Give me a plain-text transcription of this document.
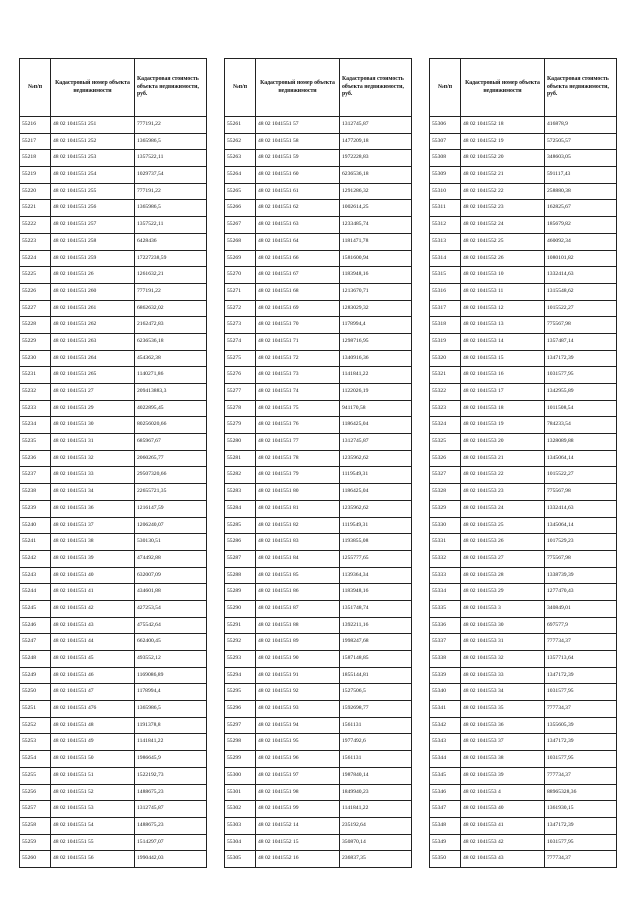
№п/п	Кадастровый номер объекта недвижимости	Кадастровая стоимость объекта недвижимости, руб.
55216	48 02 1041551 251	777191,22
55217	48 02 1041551 252	1365986,5
55218	48 02 1041551 253	1357522,11
55219	48 02 1041551 254	1029737,54
55220	48 02 1041551 255	777191,22
55221	48 02 1041551 256	1365986,5
55222	48 02 1041551 257	1357522,11
55223	48 02 1041551 258	6428436
55224	48 02 1041551 259	17227238,59
55225	48 02 1041551 26	1261632,21
55226	48 02 1041551 260	777191,22
55227	48 02 1041551 261	6862632,02
55228	48 02 1041551 262	2162472,83
55229	48 02 1041551 263	6236536,18
55230	48 02 1041551 264	454362,38
55231	48 02 1041551 265	1140271,86
55232	48 02 1041551 27	209413883,3
55233	48 02 1041551 29	4022895,45
55234	48 02 1041551 30	80256020,66
55235	48 02 1041551 31	685967,67
55236	48 02 1041551 32	2060265,77
55237	48 02 1041551 33	29507320,66
55238	48 02 1041551 34	22655721,35
55239	48 02 1041551 36	1216147,59
55240	48 02 1041551 37	1206240,07
55241	48 02 1041551 38	530130,51
55242	48 02 1041551 39	474492,88
55243	48 02 1041551 40	632007,09
55244	48 02 1041551 41	434601,88
55245	48 02 1041551 42	427253,54
55246	48 02 1041551 43	475542,64
55247	48 02 1041551 44	662400,45
55248	48 02 1041551 45	493552,12
55249	48 02 1041551 46	1169086,89
55250	48 02 1041551 47	1178994,4
55251	48 02 1041551 476	1365986,5
55252	48 02 1041551 48	1191378,8
55253	48 02 1041551 49	1141841,22
55254	48 02 1041551 50	1986645,9
55255	48 02 1041551 51	1522192,73
55256	48 02 1041551 52	1488675,23
55257	48 02 1041551 53	1312745,87
55258	48 02 1041551 54	1488675,23
55259	48 02 1041551 55	1514297,07
55260	48 02 1041551 56	1990442,03
№п/п	Кадастровый номер объекта недвижимости	Кадастровая стоимость объекта недвижимости, руб.
55261	48 02 1041551 57	1312745,87
55262	48 02 1041551 58	1477209,18
55263	48 02 1041551 59	1972228,83
55264	48 02 1041551 60	6236536,18
55265	48 02 1041551 61	1291286,32
55266	48 02 1041551 62	1002614,25
55267	48 02 1041551 63	1233485,74
55268	48 02 1041551 64	1181471,78
55269	48 02 1041551 66	1581600,94
55270	48 02 1041551 67	1183948,16
55271	48 02 1041551 68	1213670,71
55272	48 02 1041551 69	1283029,32
55273	48 02 1041551 70	1178994,4
55274	48 02 1041551 71	1298716,95
55275	48 02 1041551 72	1340916,36
55276	48 02 1041551 73	1141841,22
55277	48 02 1041551 74	1122026,19
55278	48 02 1041551 75	941170,58
55279	48 02 1041551 76	1186425,04
55280	48 02 1041551 77	1312745,87
55281	48 02 1041551 78	1235962,62
55282	48 02 1041551 79	1119549,31
55283	48 02 1041551 80	1186425,04
55284	48 02 1041551 81	1235962,62
55285	48 02 1041551 82	1119549,31
55286	48 02 1041551 83	1193855,08
55287	48 02 1041551 84	1255777,65
55288	48 02 1041551 85	1139364,34
55289	48 02 1041551 86	1183948,16
55290	48 02 1041551 87	1351748,74
55291	48 02 1041551 88	1392211,16
55292	48 02 1041551 89	1998247,68
55293	48 02 1041551 90	1587148,85
55294	48 02 1041551 91	1855144,81
55295	48 02 1041551 92	1527506,5
55296	48 02 1041551 93	1592698,77
55297	48 02 1041551 94	1561131
55298	48 02 1041551 95	1977492,6
55299	48 02 1041551 96	1561131
55300	48 02 1041551 97	1987840,14
55301	48 02 1041551 98	1849940,23
55302	48 02 1041551 99	1141841,22
55303	48 02 1041552 14	235192,64
55304	48 02 1041552 15	350870,14
55305	48 02 1041552 16	236837,35
№п/п	Кадастровый номер объекта недвижимости	Кадастровая стоимость объекта недвижимости, руб.
55306	48 02 1041552 18	416878,9
55307	48 02 1041552 19	572505,57
55308	48 02 1041552 20	348603,05
55309	48 02 1041552 21	591117,43
55310	48 02 1041552 22	258880,38
55311	48 02 1041552 23	162825,67
55312	48 02 1041552 24	185679,82
55313	48 02 1041552 25	460092,34
55314	48 02 1041552 26	1080101,82
55315	48 02 1041553 10	1332414,63
55316	48 02 1041553 11	1315548,62
55317	48 02 1041553 12	1015522,27
55318	48 02 1041553 13	775567,98
55319	48 02 1041553 14	1357487,14
55320	48 02 1041553 15	1347172,39
55321	48 02 1041553 16	1031577,95
55322	48 02 1041553 17	1342955,89
55323	48 02 1041553 18	1011508,54
55324	48 02 1041553 19	784233,54
55325	48 02 1041553 20	1328089,88
55326	48 02 1041553 21	1345064,14
55327	48 02 1041553 22	1015522,27
55328	48 02 1041553 23	775567,98
55329	48 02 1041553 24	1332414,63
55330	48 02 1041553 25	1345064,14
55331	48 02 1041553 26	1017529,23
55332	48 02 1041553 27	775567,98
55333	48 02 1041553 28	1338739,39
55334	48 02 1041553 29	1277470,43
55335	48 02 1041553 3	340849,01
55336	48 02 1041553 30	697577,9
55337	48 02 1041553 31	777734,37
55338	48 02 1041553 32	1357713,64
55339	48 02 1041553 33	1347172,39
55340	48 02 1041553 34	1031577,95
55341	48 02 1041553 35	777734,37
55342	48 02 1041553 36	1355605,39
55343	48 02 1041553 37	1347172,39
55344	48 02 1041553 38	1031577,95
55345	48 02 1041553 39	777734,37
55346	48 02 1041553 4	88965328,36
55347	48 02 1041553 40	1361930,15
55348	48 02 1041553 41	1347172,39
55349	48 02 1041553 42	1031577,95
55350	48 02 1041553 43	777734,37
